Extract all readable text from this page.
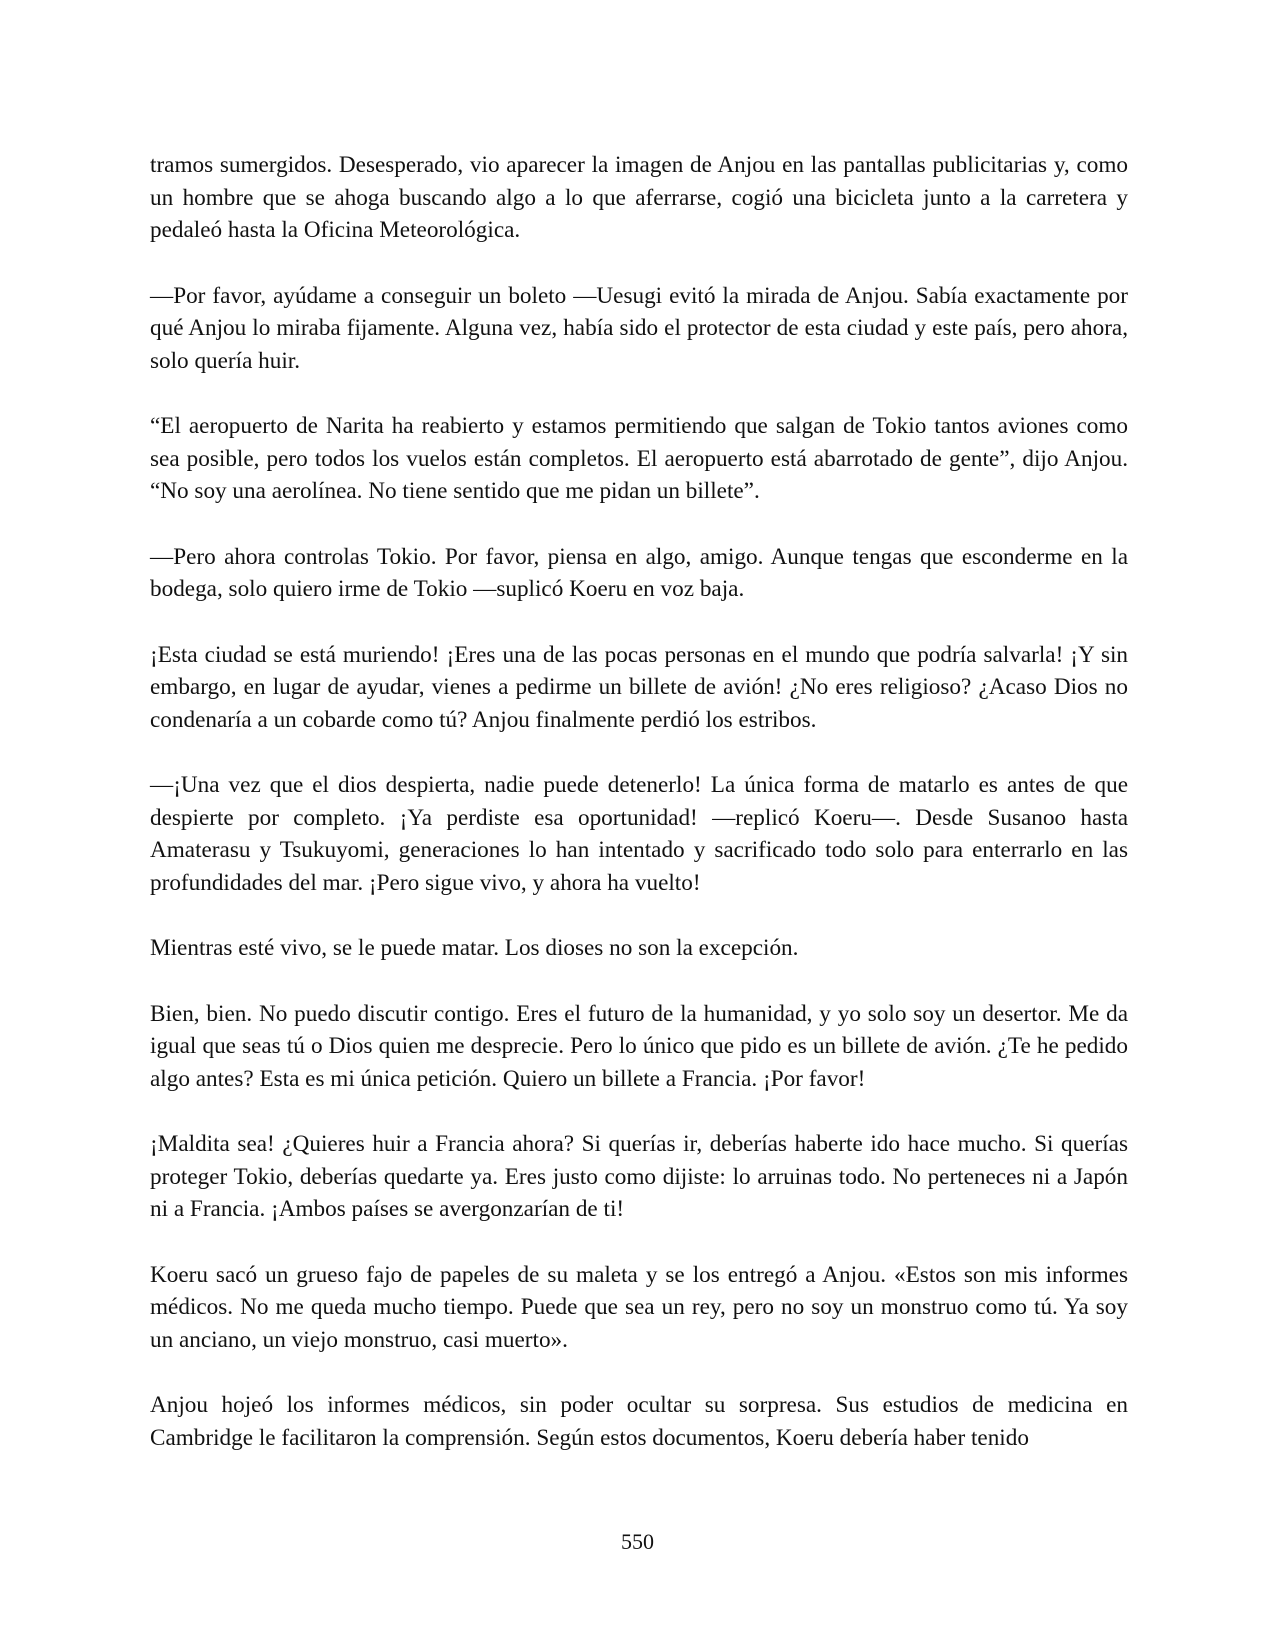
tramos sumergidos. Desesperado, vio aparecer la imagen de Anjou en las pantallas publicitarias y, como un hombre que se ahoga buscando algo a lo que aferrarse, cogió una bicicleta junto a la carretera y pedaleó hasta la Oficina Meteorológica.

—Por favor, ayúdame a conseguir un boleto —Uesugi evitó la mirada de Anjou. Sabía exactamente por qué Anjou lo miraba fijamente. Alguna vez, había sido el protector de esta ciudad y este país, pero ahora, solo quería huir.

“El aeropuerto de Narita ha reabierto y estamos permitiendo que salgan de Tokio tantos aviones como sea posible, pero todos los vuelos están completos. El aeropuerto está abarrotado de gente”, dijo Anjou. “No soy una aerolínea. No tiene sentido que me pidan un billete”.

—Pero ahora controlas Tokio. Por favor, piensa en algo, amigo. Aunque tengas que esconderme en la bodega, solo quiero irme de Tokio —suplicó Koeru en voz baja.

¡Esta ciudad se está muriendo! ¡Eres una de las pocas personas en el mundo que podría salvarla! ¡Y sin embargo, en lugar de ayudar, vienes a pedirme un billete de avión! ¿No eres religioso? ¿Acaso Dios no condenaría a un cobarde como tú? Anjou finalmente perdió los estribos.

—¡Una vez que el dios despierta, nadie puede detenerlo! La única forma de matarlo es antes de que despierte por completo. ¡Ya perdiste esa oportunidad! —replicó Koeru—. Desde Susanoo hasta Amaterasu y Tsukuyomi, generaciones lo han intentado y sacrificado todo solo para enterrarlo en las profundidades del mar. ¡Pero sigue vivo, y ahora ha vuelto!

Mientras esté vivo, se le puede matar. Los dioses no son la excepción.

Bien, bien. No puedo discutir contigo. Eres el futuro de la humanidad, y yo solo soy un desertor. Me da igual que seas tú o Dios quien me desprecie. Pero lo único que pido es un billete de avión. ¿Te he pedido algo antes? Esta es mi única petición. Quiero un billete a Francia. ¡Por favor!

¡Maldita sea! ¿Quieres huir a Francia ahora? Si querías ir, deberías haberte ido hace mucho. Si querías proteger Tokio, deberías quedarte ya. Eres justo como dijiste: lo arruinas todo. No perteneces ni a Japón ni a Francia. ¡Ambos países se avergonzarían de ti!

Koeru sacó un grueso fajo de papeles de su maleta y se los entregó a Anjou. «Estos son mis informes médicos. No me queda mucho tiempo. Puede que sea un rey, pero no soy un monstruo como tú. Ya soy un anciano, un viejo monstruo, casi muerto».

Anjou hojeó los informes médicos, sin poder ocultar su sorpresa. Sus estudios de medicina en Cambridge le facilitaron la comprensión. Según estos documentos, Koeru debería haber tenido

550
